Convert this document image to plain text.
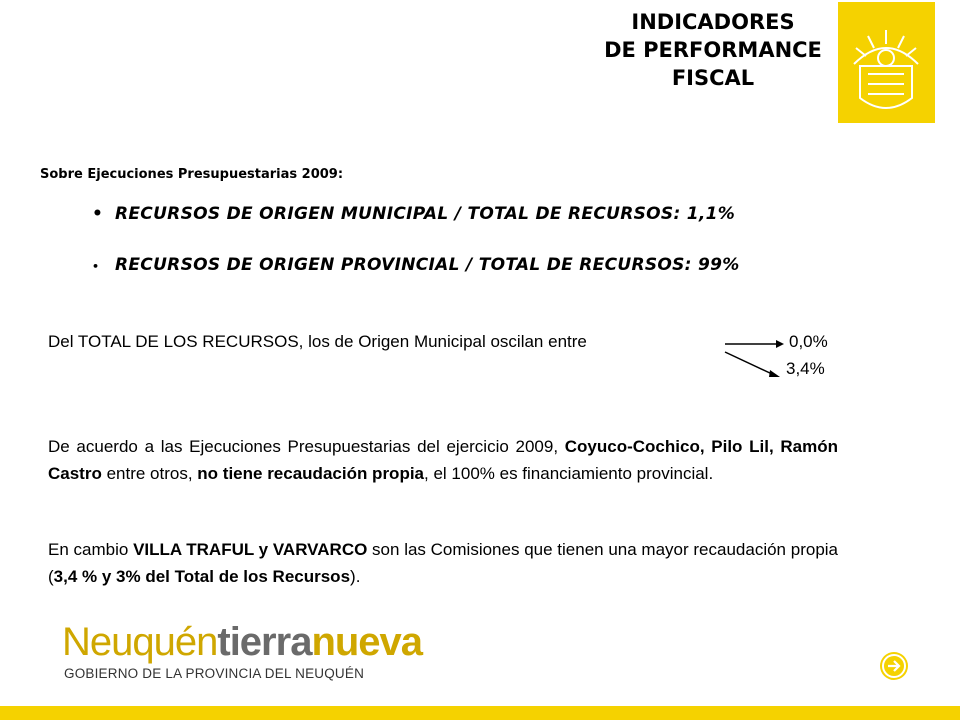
INDICADORES
DE PERFORMANCE
FISCAL
Sobre Ejecuciones Presupuestarias 2009:
• RECURSOS DE ORIGEN MUNICIPAL / TOTAL DE RECURSOS: 1,1%
• RECURSOS DE ORIGEN PROVINCIAL / TOTAL DE RECURSOS: 99%
Del TOTAL DE LOS RECURSOS, los de Origen Municipal oscilan entre	0,0%
3,4%
De acuerdo a las Ejecuciones Presupuestarias del ejercicio 2009, Coyuco-Cochico, Pilo Lil, Ramón Castro entre otros, no tiene recaudación propia, el 100% es financiamiento provincial.
En cambio VILLA TRAFUL y VARVARCO son las Comisiones que tienen una mayor recaudación propia (3,4 % y 3% del Total de los Recursos).
Neuquéntierranueva
GOBIERNO DE LA PROVINCIA DEL NEUQUÉN
